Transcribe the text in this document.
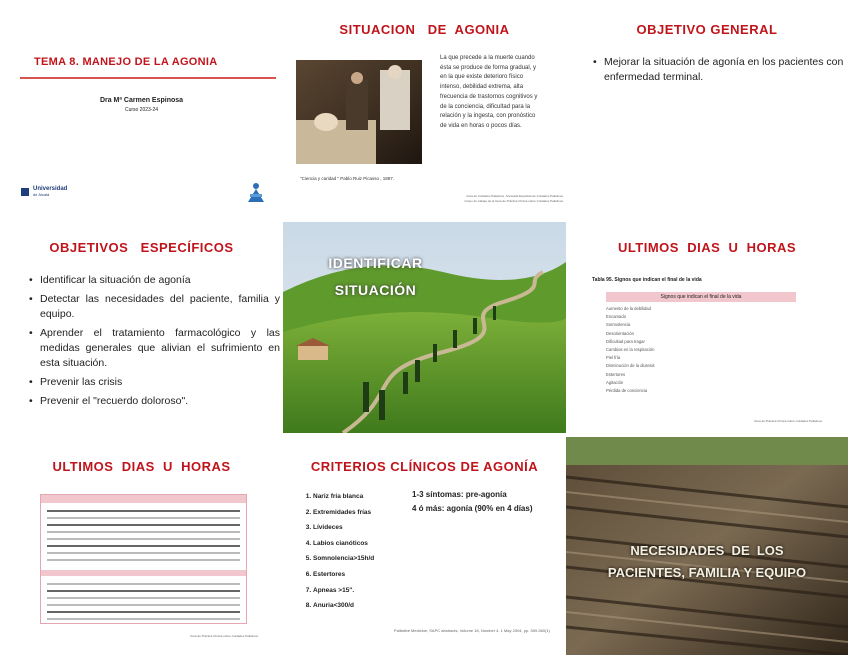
TEMA 8. MANEJO DE LA AGONIA
Dra Mª Carmen Espinosa
Curso 2023-24
Universidad
de Alcalá
SITUACION   DE  AGONIA
"Ciencia y caridad " Pablo Ruiz Picasso , 1897.
La que precede a la muerte cuando ésta se produce de forma gradual, y en la que existe deterioro físico intenso, debilidad extrema, alta frecuencia de trastornos cognitivos y de la conciencia, dificultad para la relación y la ingesta, con pronóstico de vida en horas o pocos días.
Guía de Cuidados Paliativos. Sociedad Española de Cuidados Paliativos
Grupo de trabajo de la Guía de Práctica Clínica sobre Cuidados Paliativos
OBJETIVO GENERAL
• Mejorar la situación de agonía en los pacientes con enfermedad terminal.
OBJETIVOS   ESPECÍFICOS
• Identificar la situación de agonía
• Detectar las necesidades del paciente, familia y equipo.
• Aprender el tratamiento farmacológico y las medidas generales que alivian el sufrimiento en esta situación.
• Prevenir las crisis
• Prevenir el "recuerdo doloroso".
IDENTIFICAR
SITUACIÓN
ULTIMOS  DIAS  U  HORAS
Tabla 95. Signos que indican el final de la vida
Signos que indican el final de la vida
Aumento de la debilidad
Encamado
Somnolencia
Desorientación
Dificultad para tragar
Cambios en la respiración
Piel fría
Disminución de la diuresis
Estertores
Agitación
Pérdida de conciencia
Guía de Práctica Clínica sobre Cuidados Paliativos
ULTIMOS  DIAS  U  HORAS
Guía de Práctica Clínica sobre Cuidados Paliativos
CRITERIOS CLÍNICOS DE AGONÍA
1. Nariz fría blanca
2. Extremidades frías
3. Lívideces
4. Labios cianóticos
5. Somnolencia>15h/d
6. Estertores
7. Apneas >15".
8. Anuria<300/d
1-3 síntomas: pre-agonía
4 ó más: agonía (90% en 4 días)
Palliative Medicine; SAPC abstracts, Volume 18, Number 4, 1 May 2004, pp. 359-360(1)
NECESIDADES  DE  LOS
PACIENTES, FAMILIA Y EQUIPO
